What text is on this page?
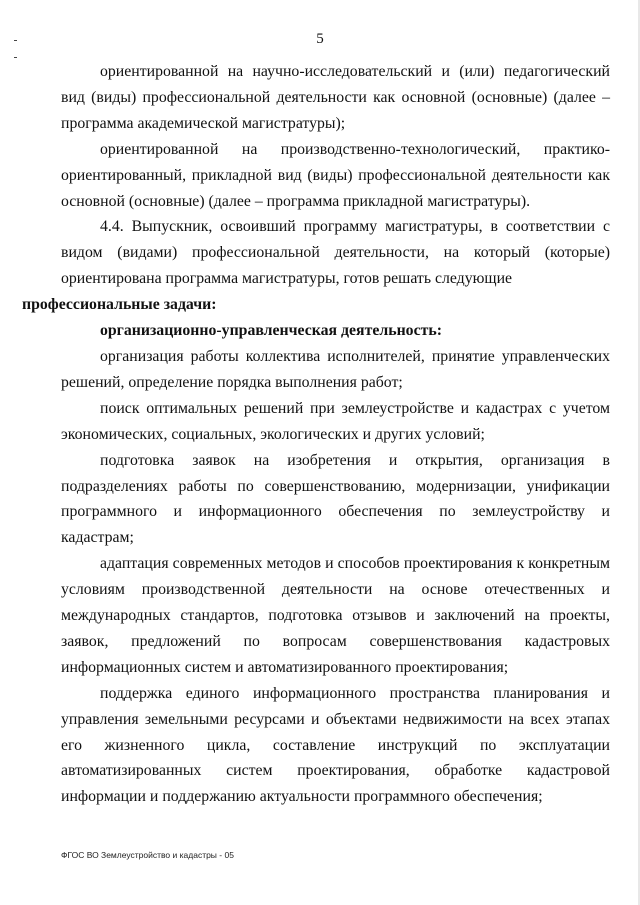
5

ориентированной на научно-исследовательский и (или) педагогический вид (виды) профессиональной деятельности как основной (основные) (далее – программа академической магистратуры);

ориентированной на производственно-технологический, практико-ориентированный, прикладной вид (виды) профессиональной деятельности как основной (основные) (далее – программа прикладной магистратуры).

4.4. Выпускник, освоивший программу магистратуры, в соответствии с видом (видами) профессиональной деятельности, на который (которые) ориентирована программа магистратуры, готов решать следующие
профессиональные задачи:

организационно-управленческая деятельность:

организация работы коллектива исполнителей, принятие управленческих решений, определение порядка выполнения работ;

поиск оптимальных решений при землеустройстве и кадастрах с учетом экономических, социальных, экологических и других условий;

подготовка заявок на изобретения и открытия, организация в подразделениях работы по совершенствованию, модернизации, унификации программного и информационного обеспечения по землеустройству и кадастрам;

адаптация современных методов и способов проектирования к конкретным условиям производственной деятельности на основе отечественных и международных стандартов, подготовка отзывов и заключений на проекты, заявок, предложений по вопросам совершенствования кадастровых информационных систем и автоматизированного проектирования;

поддержка единого информационного пространства планирования и управления земельными ресурсами и объектами недвижимости на всех этапах его жизненного цикла, составление инструкций по эксплуатации автоматизированных систем проектирования, обработке кадастровой информации и поддержанию актуальности программного обеспечения;

ФГОС ВО Землеустройство и кадастры - 05
